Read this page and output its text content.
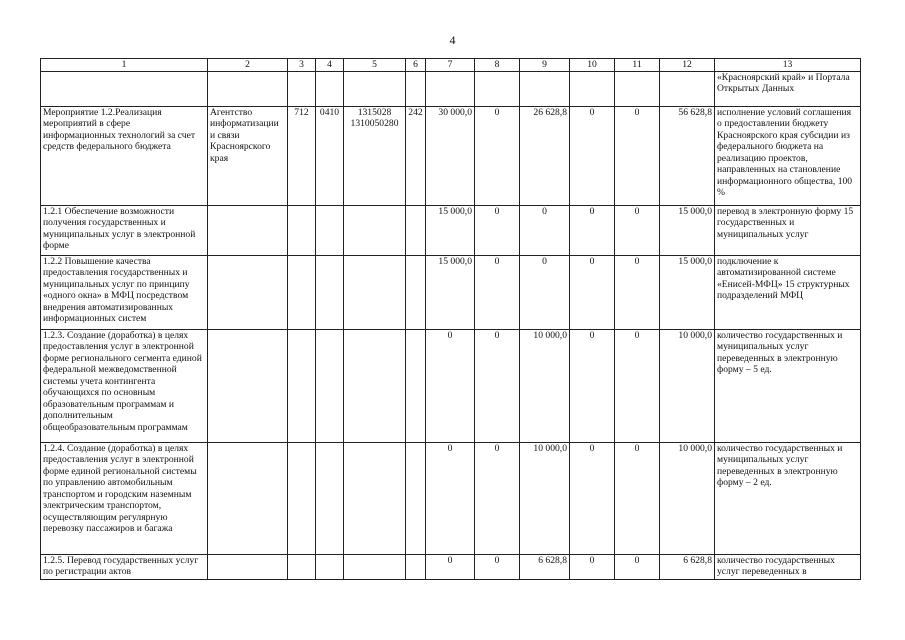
4
1	2	3	4	5	6	7	8	9	10	11	12	13
												«Красноярский край» и Портала Открытых Данных
Мероприятие 1.2.Реализация мероприятий в сфере информационных технологий за счет средств федерального бюджета	Агентство информатизации и связи Красноярского края	712	0410	1315028 1310050280	242	30 000,0	0	26 628,8	0	0	56 628,8	исполнение условий соглашения о предоставлении бюджету Красноярского края субсидии из федерального бюджета на реализацию проектов, направленных на становление информационного общества, 100 %
1.2.1 Обеспечение возможности получения государственных и муниципальных услуг в электронной форме						15 000,0	0	0	0	0	15 000,0	перевод в электронную форму 15 государственных и муниципальных услуг
1.2.2 Повышение качества предоставления государственных и муниципальных услуг по принципу «одного окна» в МФЦ посредством внедрения автоматизированных информационных систем						15 000,0	0	0	0	0	15 000,0	подключение к автоматизированной системе «Енисей-МФЦ» 15 структурных подразделений МФЦ
1.2.3. Создание (доработка) в целях предоставления услуг в электронной форме регионального сегмента единой федеральной межведомственной системы учета контингента обучающихся по основным образовательным программам и дополнительным общеобразовательным программам						0	0	10 000,0	0	0	10 000,0	количество государственных и муниципальных услуг переведенных в электронную форму – 5 ед.
1.2.4. Создание (доработка) в целях предоставления услуг в электронной форме единой региональной системы по управлению автомобильным транспортом и городским наземным электрическим транспортом, осуществляющим регулярную перевозку пассажиров и багажа						0	0	10 000,0	0	0	10 000,0	количество государственных и муниципальных услуг переведенных в электронную форму – 2 ед.
1.2.5. Перевод государственных услуг по регистрации актов						0	0	6 628,8	0	0	6 628,8	количество государственных услуг переведенных в
